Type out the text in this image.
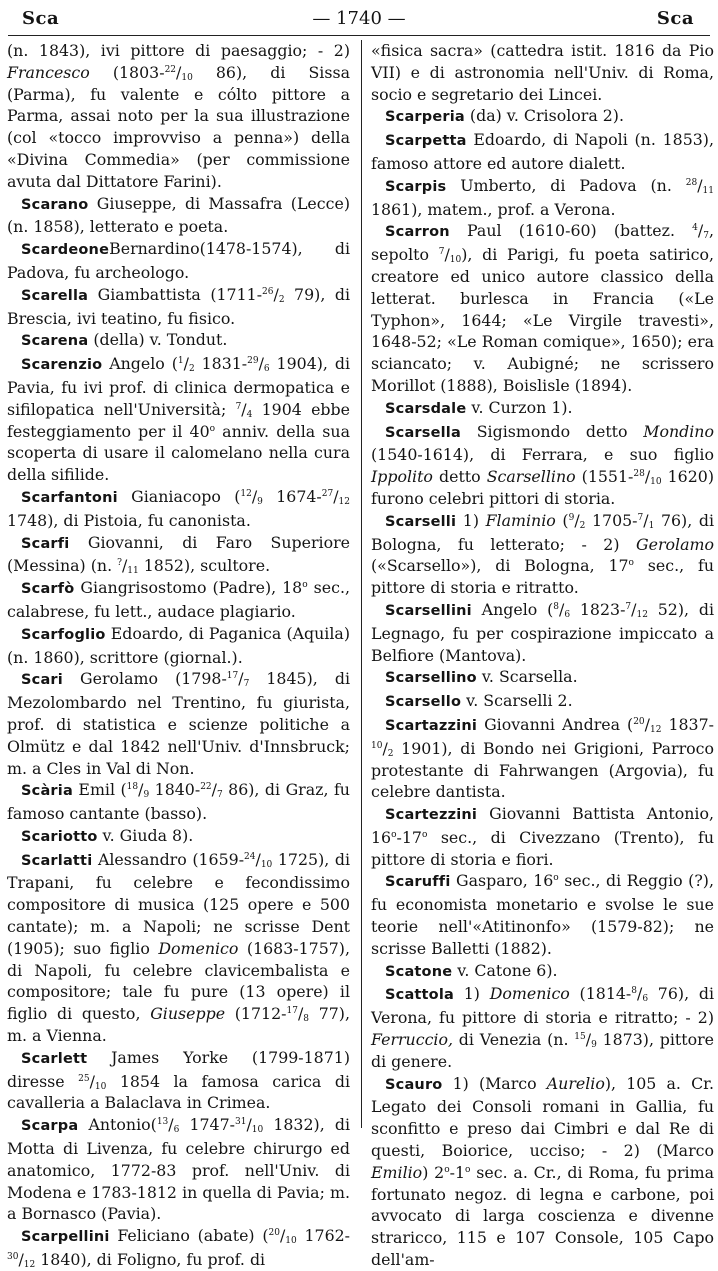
Sca	— 1740 —	Sca

(n. 1843), ivi pittore di paesaggio; - 2) Francesco ($1803-^{22}/_{10}$ 86), di Sissa (Parma), fu valente e cólto pittore a Parma, assai noto per la sua illustrazione (col «tocco improvviso a penna») della «Divina Commedia» (per commissione avuta dal Dittatore Farini).

Scarano Giuseppe, di Massafra (Lecce) (n. 1858), letterato e poeta.

ScardeoneBernardino(1478-1574), di Padova, fu archeologo.

Scarella Giambattista ($1711-^{26}/_2$ 79), di Brescia, ivi teatino, fu fisico.

Scarena (della) v. Tondut.

Scarenzio Angelo ($^1/_2$ $1831-^{29}/_6$ 1904), di Pavia, fu ivi prof. di clinica dermopatica e sifilopatica nell'Università; $^7/_4$ 1904 ebbe festeggiamento per il 40$^o$ anniv. della sua scoperta di usare il calomelano nella cura della sifilide.

Scarfantoni Gianiacopo ($^{12}/_9$ $1674-^{27}/_{12}$ 1748), di Pistoia, fu canonista.

Scarfi Giovanni, di Faro Superiore (Messina) (n. $^?/_{11}$ 1852), scultore.

Scarfò Giangrisostomo (Padre), 18$^o$ sec., calabrese, fu lett., audace plagiario.

Scarfoglio Edoardo, di Paganica (Aquila) (n. 1860), scrittore (giornal.).

Scari Gerolamo ($1798-^{17}/_7$ 1845), di Mezolombardo nel Trentino, fu giurista, prof. di statistica e scienze politiche a Olmütz e dal 1842 nell'Univ. d'Innsbruck; m. a Cles in Val di Non.

Scària Emil ($^{18}/_9$ $1840-^{22}/_7$ 86), di Graz, fu famoso cantante (basso).

Scariotto v. Giuda 8).

Scarlatti Alessandro ($1659-^{24}/_{10}$ 1725), di Trapani, fu celebre e fecondissimo compositore di musica (125 opere e 500 cantate); m. a Napoli; ne scrisse Dent (1905); suo figlio Domenico (1683-1757), di Napoli, fu celebre clavicembalista e compositore; tale fu pure (13 opere) il figlio di questo, Giuseppe ($1712-^{17}/_8$ 77), m. a Vienna.

Scarlett James Yorke (1799-1871) diresse $^{25}/_{10}$ 1854 la famosa carica di cavalleria a Balaclava in Crimea.

Scarpa $Antonio(^{13}/_6$ $1747-^{31}/_{10}$ 1832), di Motta di Livenza, fu celebre chirurgo ed anatomico, 1772-83 prof. nell'Univ. di Modena e 1783-1812 in quella di Pavia; m. a Bornasco (Pavia).

Scarpellini Feliciano (abate) ($^{20}/_{10}$ $1762-^{30}/_{12}$ 1840), di Foligno, fu prof. di

«fisica sacra» (cattedra istit. 1816 da Pio VII) e di astronomia nell'Univ. di Roma, socio e segretario dei Lincei.

Scarperia (da) v. Crisolora 2).

Scarpetta Edoardo, di Napoli (n. 1853), famoso attore ed autore dialett.

Scarpis Umberto, di Padova (n. $^{28}/_{11}$ 1861), matem., prof. a Verona.

Scarron Paul (1610-60) (battez. $^4/_7$, sepolto $^7/_{10}$), di Parigi, fu poeta satirico, creatore ed unico autore classico della letterat. burlesca in Francia («Le Typhon», 1644; «Le Virgile travesti», 1648-52; «Le Roman comique», 1650); era sciancato; v. Aubigné; ne scrissero Morillot (1888), Boislisle (1894).

Scarsdale v. Curzon 1).

Scarsella Sigismondo detto Mondino (1540-1614), di Ferrara, e suo figlio Ippolito detto Scarsellino ($1551-^{28}/_{10}$ 1620) furono celebri pittori di storia.

Scarselli 1) Flaminio ($^9/_2$ $1705-^7/_1$ 76), di Bologna, fu letterato; - 2) Gerolamo («Scarsello»), di Bologna, 17$^o$ sec., fu pittore di storia e ritratto.

Scarsellini Angelo ($^8/_6$ $1823-^7/_{12}$ 52), di Legnago, fu per cospirazione impiccato a Belfiore (Mantova).

Scarsellino v. Scarsella.

Scarsello v. Scarselli 2.

Scartazzini Giovanni Andrea ($^{20}/_{12}$ $1837-^{10}/_2$ 1901), di Bondo nei Grigioni, Parroco protestante di Fahrwangen (Argovia), fu celebre dantista.

Scartezzini Giovanni Battista Antonio, 16$^o$-17$^o$ sec., di Civezzano (Trento), fu pittore di storia e fiori.

Scaruffi Gasparo, 16$^o$ sec., di Reggio (?), fu economista monetario e svolse le sue teorie nell'«Atitinonfo» (1579-82); ne scrisse Balletti (1882).

Scatone v. Catone 6).

Scattola 1) Domenico ($1814-^8/_6$ 76), di Verona, fu pittore di storia e ritratto; - 2) Ferruccio, di Venezia (n. $^{15}/_9$ 1873), pittore di genere.

Scauro 1) (Marco Aurelio), 105 a. Cr. Legato dei Consoli romani in Gallia, fu sconfitto e preso dai Cimbri e dal Re di questi, Boiorice, ucciso; - 2) (Marco Emilio) 2$^o$-1$^o$ sec. a. Cr., di Roma, fu prima fortunato negoz. di legna e carbone, poi avvocato di larga coscienza e divenne straricco, 115 e 107 Console, 105 Capo dell'am-
